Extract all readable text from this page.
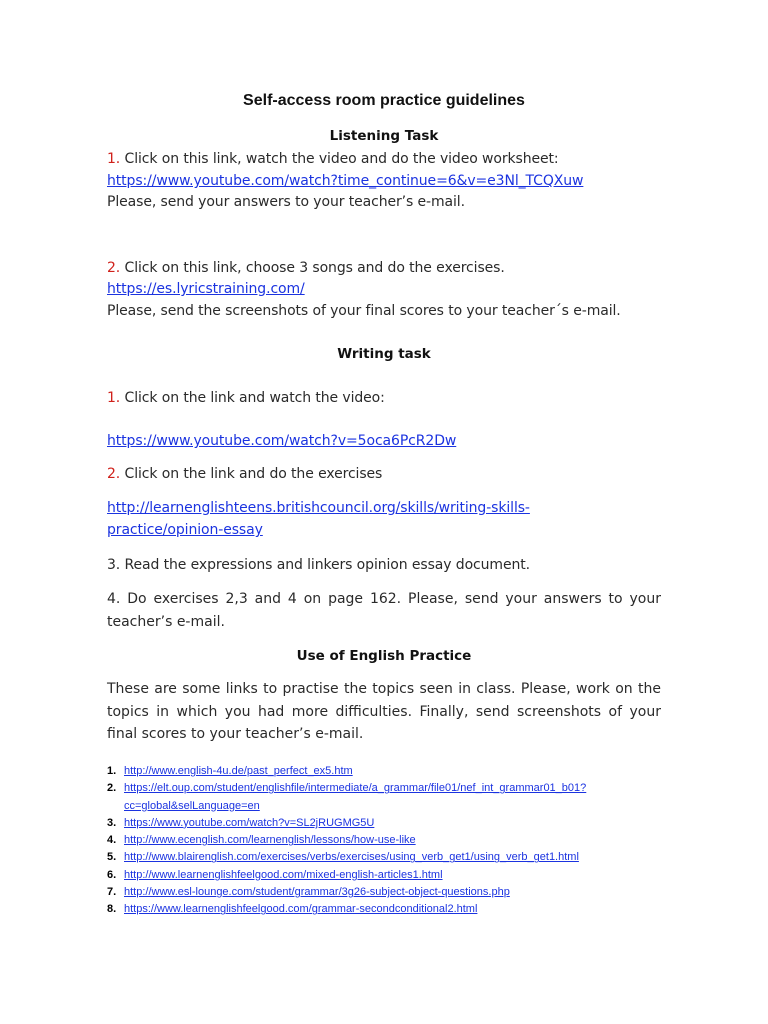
Self-access room practice guidelines
Listening Task
1. Click on this link, watch the video and do the video worksheet:
https://www.youtube.com/watch?time_continue=6&v=e3Nl_TCQXuw
Please, send your answers to your teacher’s e-mail.
2. Click on this link, choose 3 songs and do the exercises.
https://es.lyricstraining.com/
Please, send the screenshots of your final scores to your teacher´s e-mail.
Writing task
1. Click on the link and watch the video:
https://www.youtube.com/watch?v=5oca6PcR2Dw
2. Click on the link and do the exercises
http://learnenglishteens.britishcouncil.org/skills/writing-skills-
practice/opinion-essay
3. Read the expressions and linkers opinion essay document.
4. Do exercises 2,3 and 4 on page 162. Please, send your answers to your teacher’s e-mail.
Use of English Practice
These are some links to practise the topics seen in class. Please, work on the topics in which you had more difficulties. Finally, send screenshots of your final scores to your teacher’s e-mail.
1. http://www.english-4u.de/past_perfect_ex5.htm
2. https://elt.oup.com/student/englishfile/intermediate/a_grammar/file01/nef_int_grammar01_b01?
cc=global&selLanguage=en
3. https://www.youtube.com/watch?v=SL2jRUGMG5U
4. http://www.ecenglish.com/learnenglish/lessons/how-use-like
5. http://www.blairenglish.com/exercises/verbs/exercises/using_verb_get1/using_verb_get1.html
6. http://www.learnenglishfeelgood.com/mixed-english-articles1.html
7. http://www.esl-lounge.com/student/grammar/3g26-subject-object-questions.php
8. https://www.learnenglishfeelgood.com/grammar-secondconditional2.html
